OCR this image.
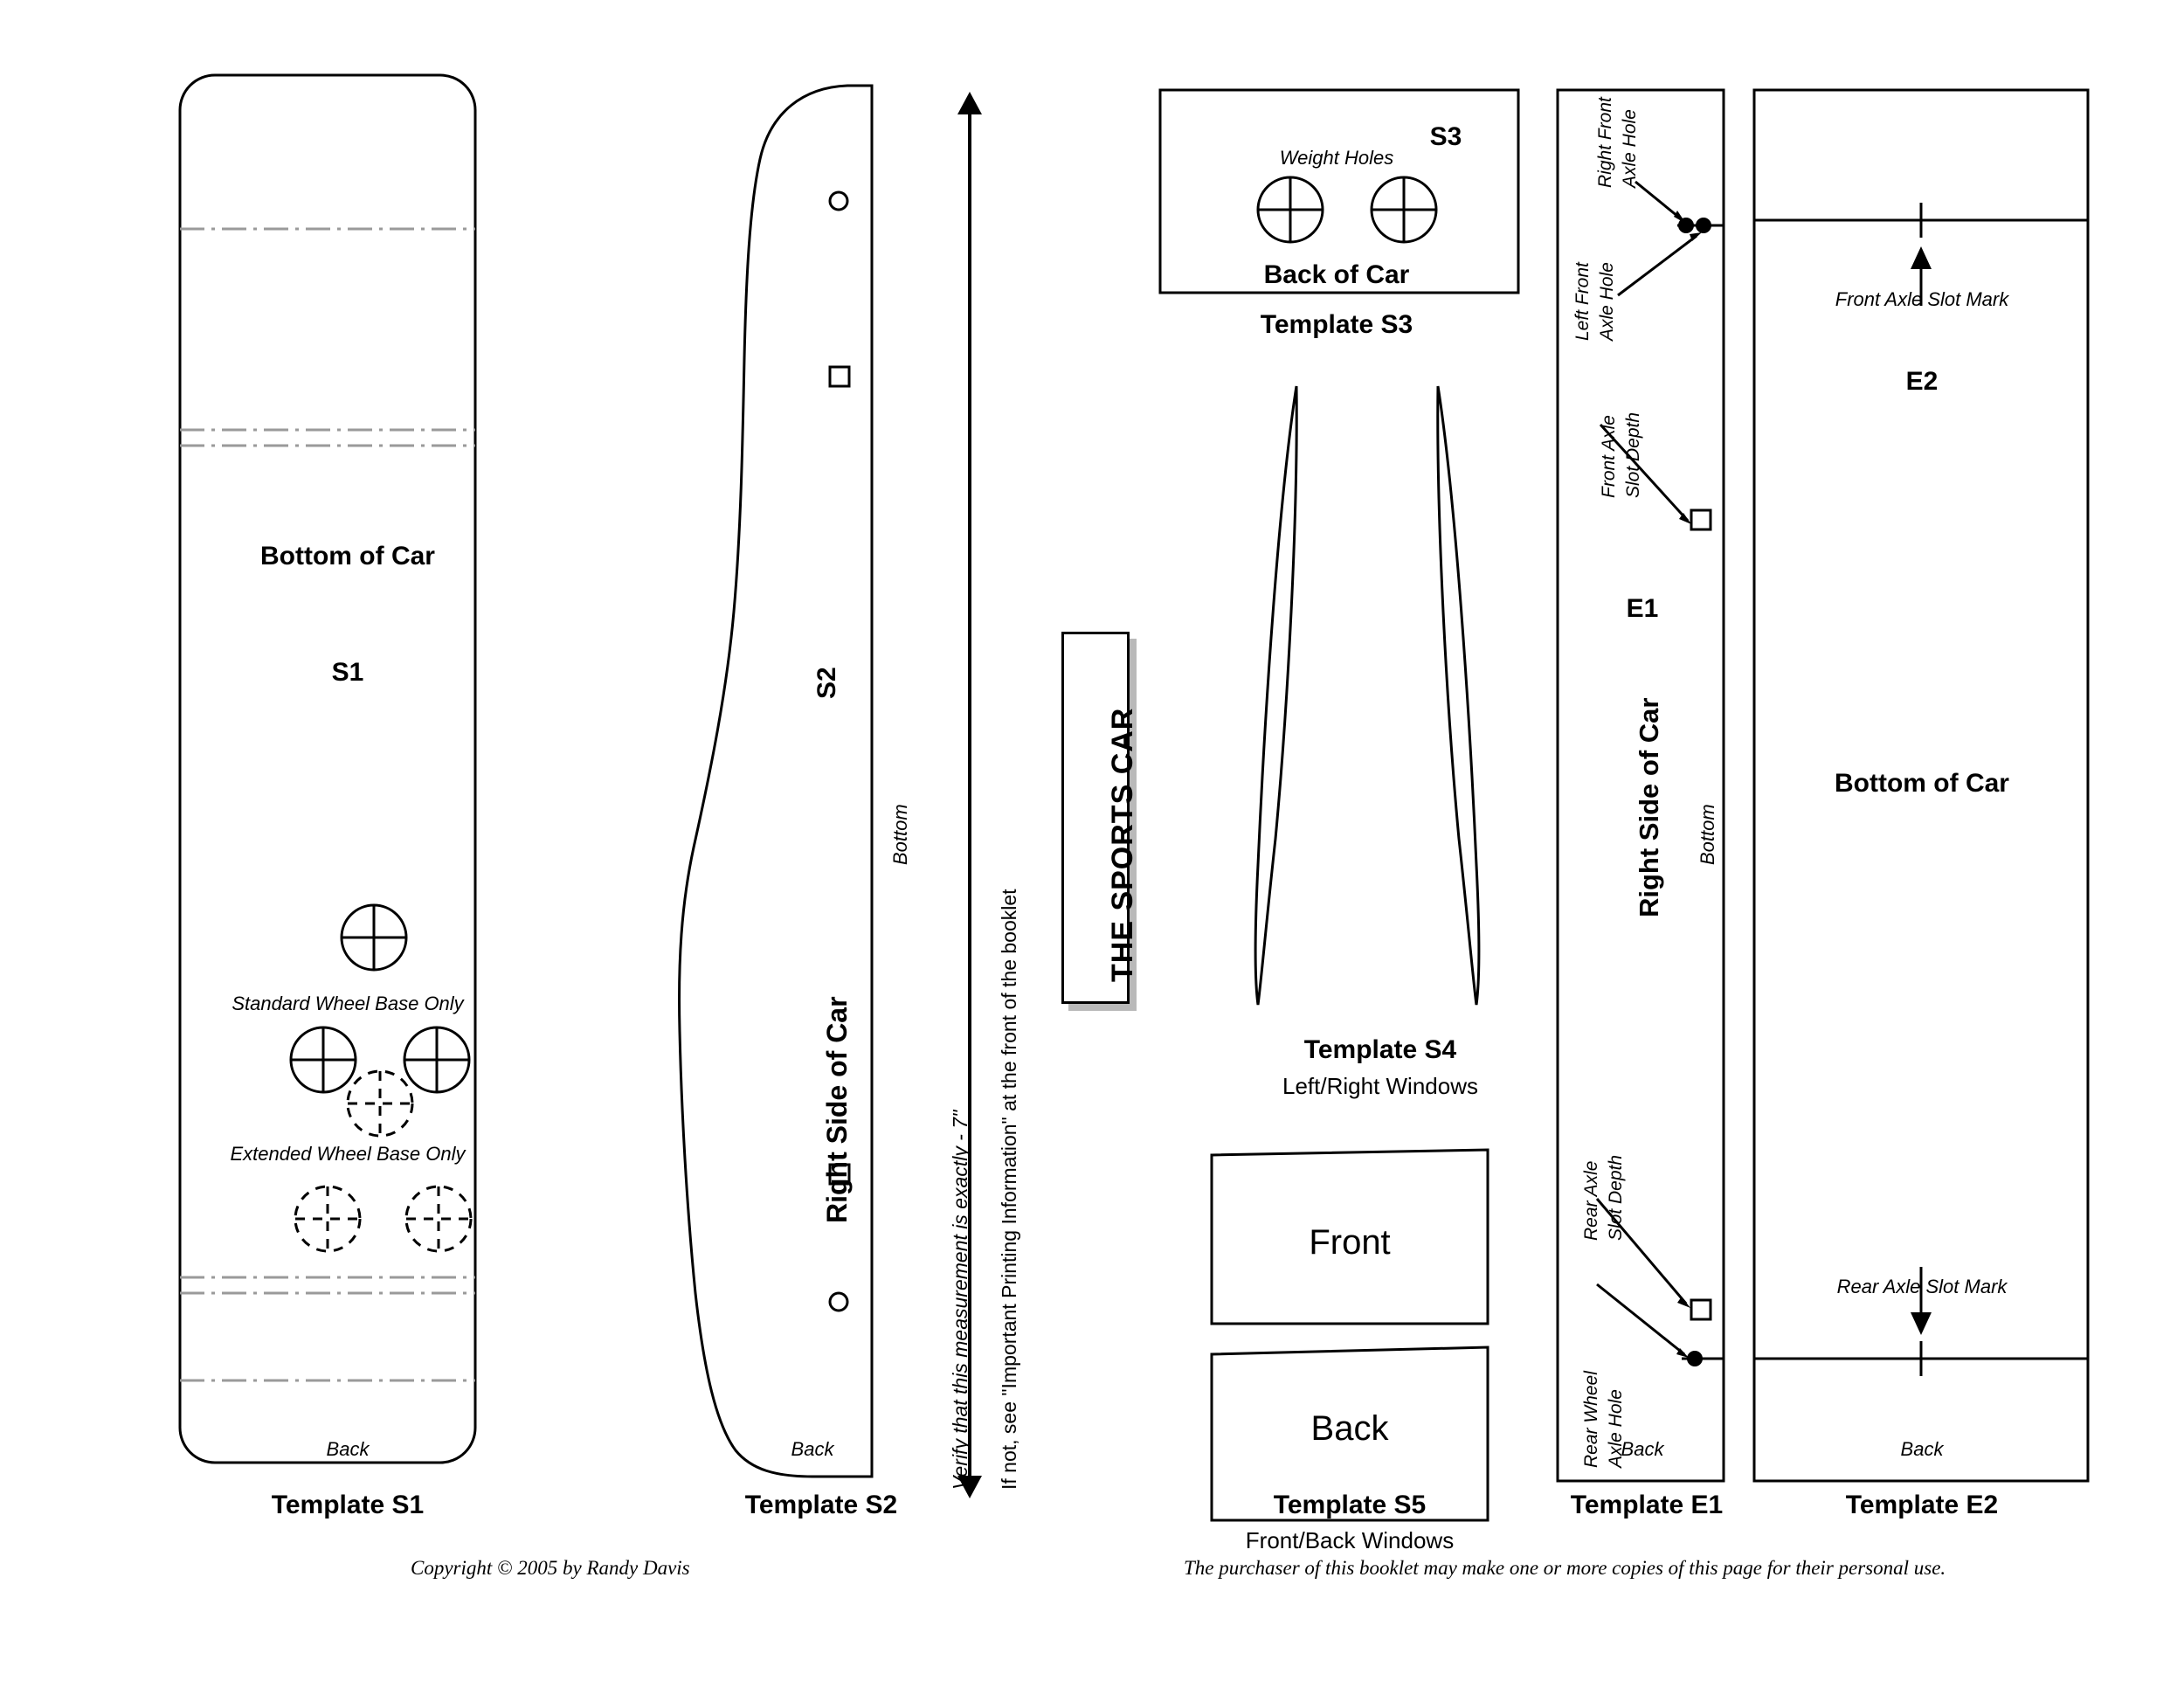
Bottom of Car
S1
Standard Wheel Base Only
Extended Wheel Base Only
Back
Template S1
S2
Bottom
Right Side of Car
Back
Template S2
Verify that this measurement is exactly - 7" If not, see "Important Printing Information" at the front of the booklet
THE SPORTS CAR
S3
Weight Holes
Back of Car
Template S3
Template S4
Left/Right Windows
Front
Back
Template S5
Front/Back Windows
Right Front Axle Hole
Left Front Axle Hole
Front Axle Slot Depth
E1
Right Side of Car Bottom
Rear Axle Slot Depth
Rear Wheel Axle Hole
Back
Template E1
Front Axle Slot Mark
E2
Bottom of Car
Rear Axle Slot Mark
Back
Template E2
Copyright © 2005 by Randy Davis	The purchaser of this booklet may make one or more copies of this page for their personal use.
